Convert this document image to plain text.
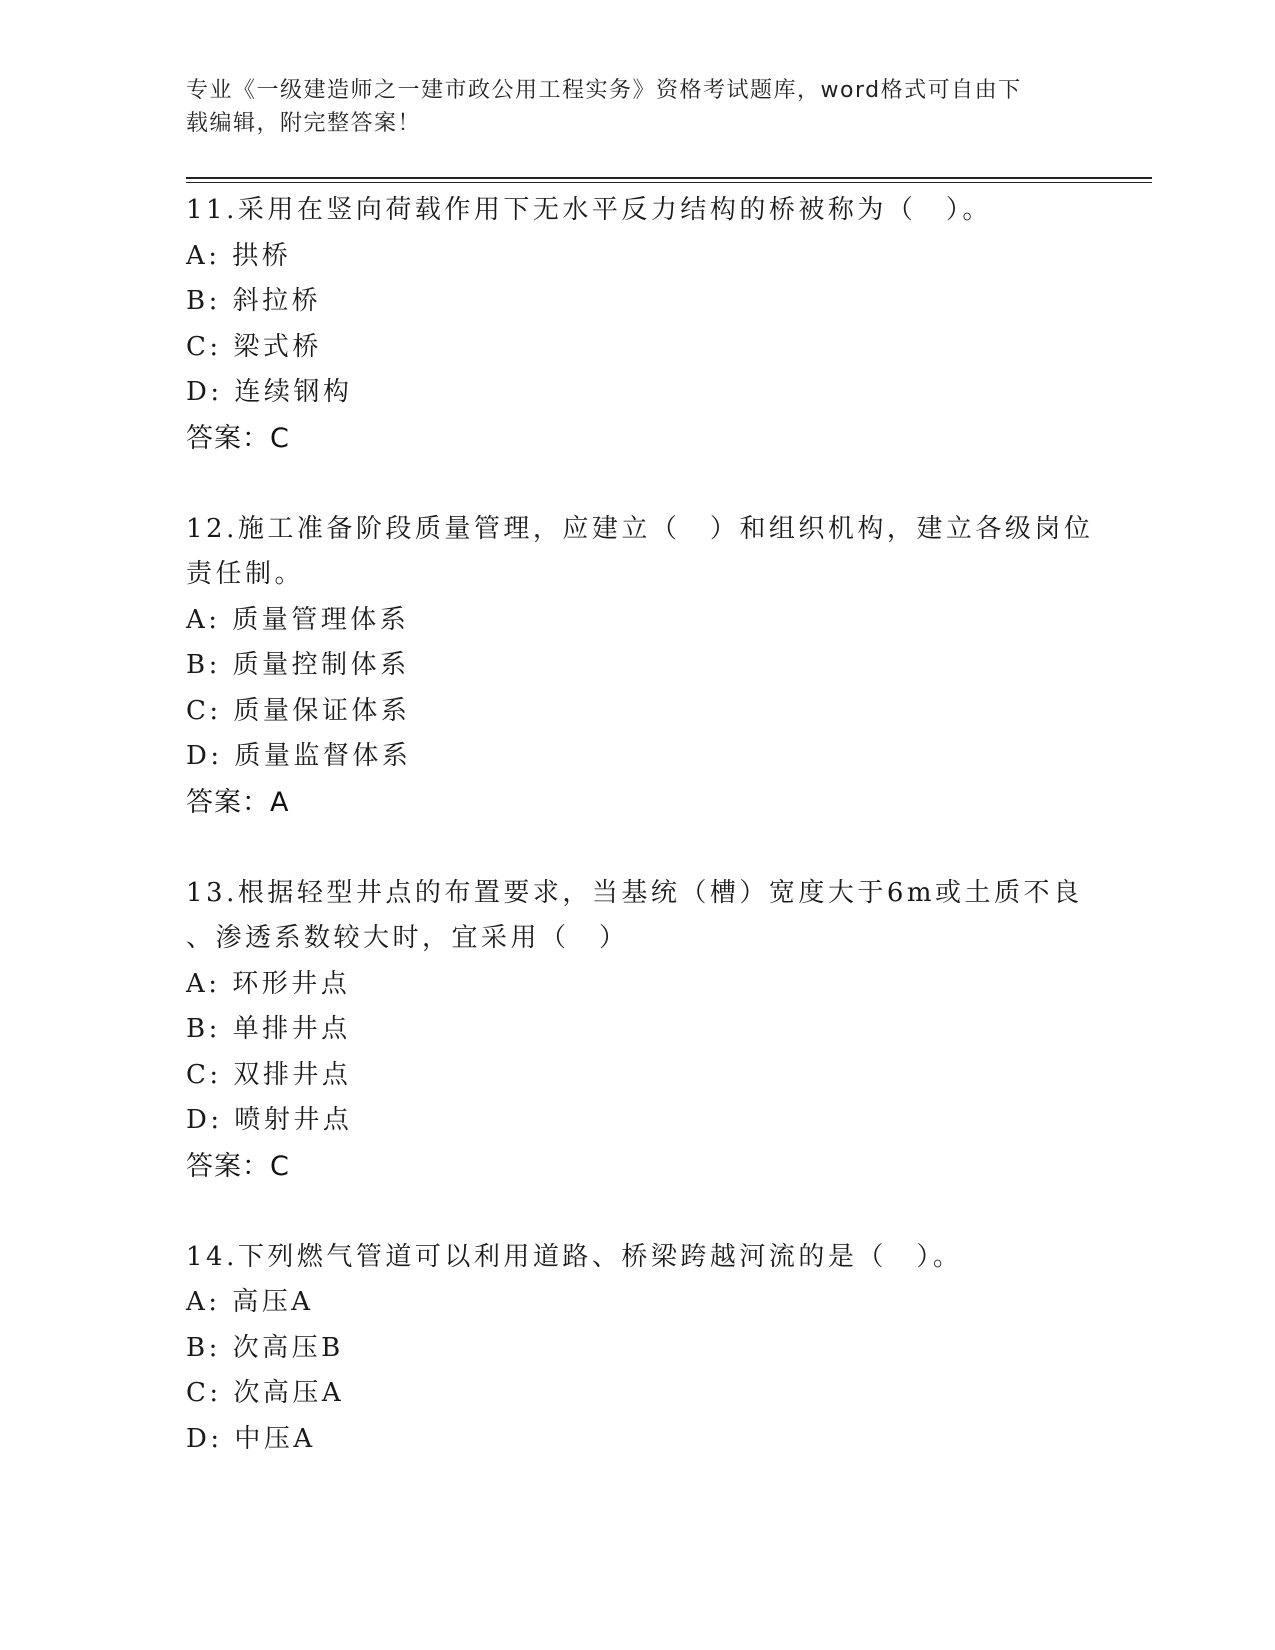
专业《一级建造师之一建市政公用工程实务》资格考试题库，word格式可自由下
载编辑，附完整答案！
11.采用在竖向荷载作用下无水平反力结构的桥被称为（　）。
A: 拱桥
B: 斜拉桥
C: 梁式桥
D: 连续钢构
答案：C
12.施工准备阶段质量管理，应建立（　）和组织机构，建立各级岗位
责任制。
A: 质量管理体系
B: 质量控制体系
C: 质量保证体系
D: 质量监督体系
答案：A
13.根据轻型井点的布置要求，当基统（槽）宽度大于6m或土质不良
、渗透系数较大时，宜采用（　）
A: 环形井点
B: 单排井点
C: 双排井点
D: 喷射井点
答案：C
14.下列燃气管道可以利用道路、桥梁跨越河流的是（　）。
A: 高压A
B: 次高压B
C: 次高压A
D: 中压A
